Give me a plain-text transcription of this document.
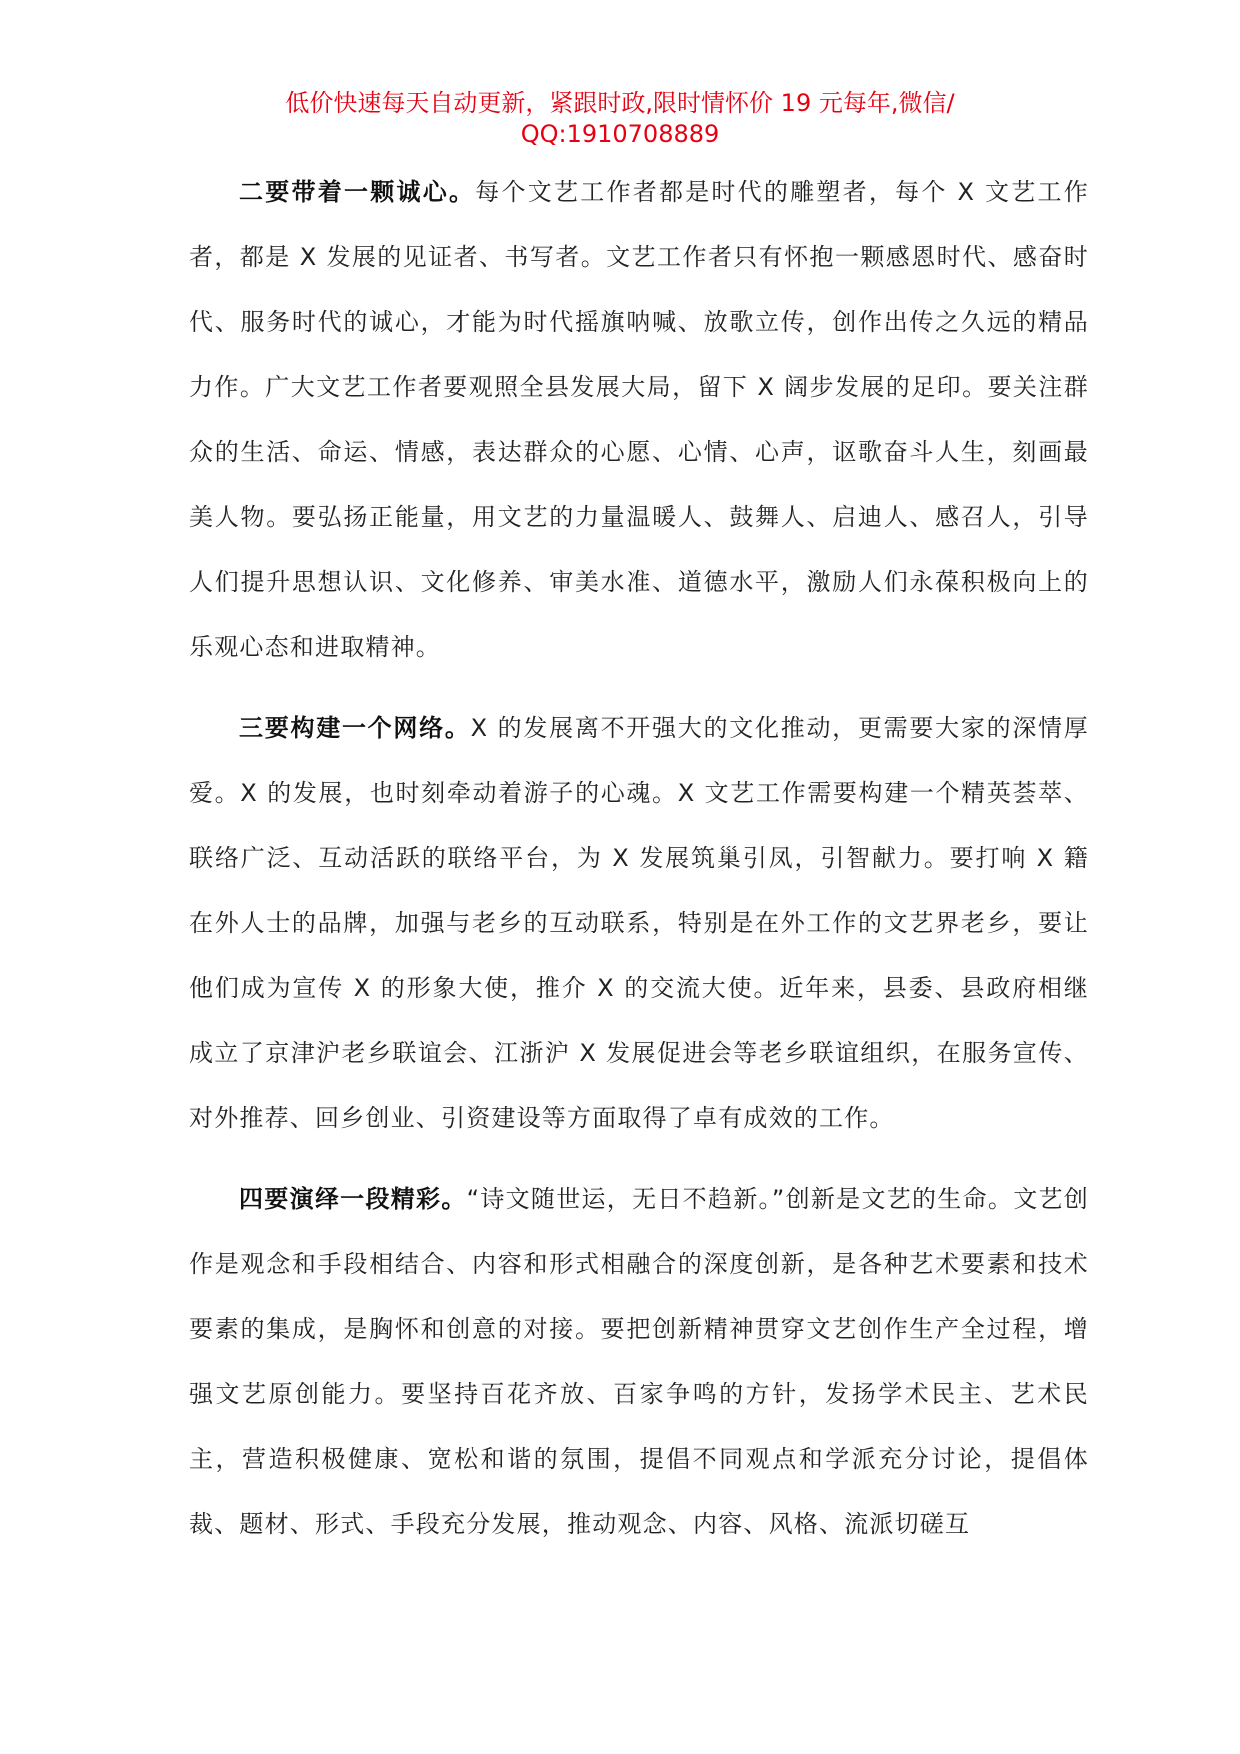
低价快速每天自动更新，紧跟时政,限时情怀价 19 元每年,微信/
QQ:1910708889

二要带着一颗诚心。每个文艺工作者都是时代的雕塑者，每个 X 文艺工作者，都是 X 发展的见证者、书写者。文艺工作者只有怀抱一颗感恩时代、感奋时代、服务时代的诚心，才能为时代摇旗呐喊、放歌立传，创作出传之久远的精品力作。广大文艺工作者要观照全县发展大局，留下 X 阔步发展的足印。要关注群众的生活、命运、情感，表达群众的心愿、心情、心声，讴歌奋斗人生，刻画最美人物。要弘扬正能量，用文艺的力量温暖人、鼓舞人、启迪人、感召人，引导人们提升思想认识、文化修养、审美水准、道德水平，激励人们永葆积极向上的乐观心态和进取精神。

三要构建一个网络。X 的发展离不开强大的文化推动，更需要大家的深情厚爱。X 的发展，也时刻牵动着游子的心魂。X 文艺工作需要构建一个精英荟萃、联络广泛、互动活跃的联络平台，为 X 发展筑巢引凤，引智献力。要打响 X 籍在外人士的品牌，加强与老乡的互动联系，特别是在外工作的文艺界老乡，要让他们成为宣传 X 的形象大使，推介 X 的交流大使。近年来，县委、县政府相继成立了京津沪老乡联谊会、江浙沪 X 发展促进会等老乡联谊组织，在服务宣传、对外推荐、回乡创业、引资建设等方面取得了卓有成效的工作。

四要演绎一段精彩。“诗文随世运，无日不趋新。”创新是文艺的生命。文艺创作是观念和手段相结合、内容和形式相融合的深度创新，是各种艺术要素和技术要素的集成，是胸怀和创意的对接。要把创新精神贯穿文艺创作生产全过程，增强文艺原创能力。要坚持百花齐放、百家争鸣的方针，发扬学术民主、艺术民主，营造积极健康、宽松和谐的氛围，提倡不同观点和学派充分讨论，提倡体裁、题材、形式、手段充分发展，推动观念、内容、风格、流派切磋互
